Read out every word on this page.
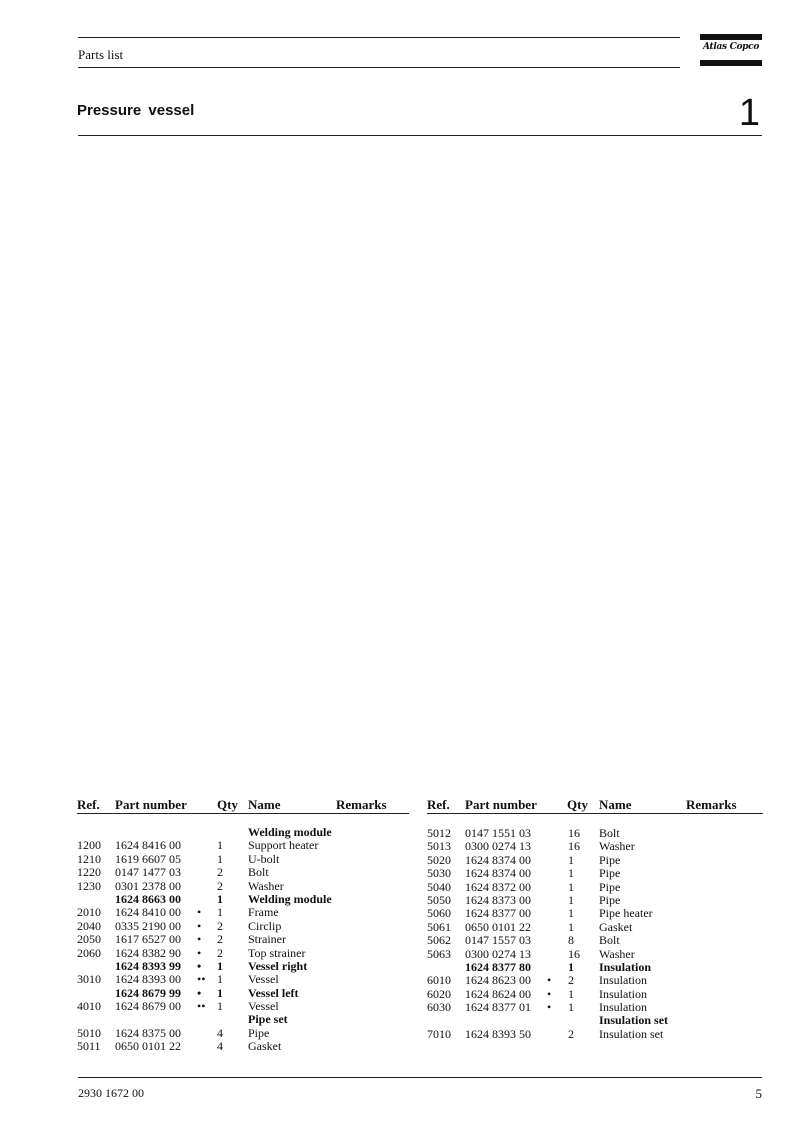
Parts list	Atlas Copco
Pressure vessel	1
Ref. Part number Qty Name	Remarks
Welding module
1200 1624 8416 00	1 Support heater
1210 1619 6607 05	1 U-bolt
1220 0147 1477 03	2 Bolt
1230 0301 2378 00	2 Washer
1624 8663 00	1 Welding module
2010 1624 8410 00 • 1 Frame
2040 0335 2190 00 • 2 Circlip
2050 1617 6527 00 • 2 Strainer
2060 1624 8382 90 • 2 Top strainer
1624 8393 99 • 1 Vessel right
3010 1624 8393 00 •• 1 Vessel
1624 8679 99 • 1 Vessel left
4010 1624 8679 00 •• 1 Vessel
Pipe set
5010 1624 8375 00	4 Pipe
5011 0650 0101 22	4 Gasket
Ref. Part number Qty Name	Remarks
5012 0147 1551 03	16 Bolt
5013 0300 0274 13	16 Washer
5020 1624 8374 00	1 Pipe
5030 1624 8374 00	1 Pipe
5040 1624 8372 00	1 Pipe
5050 1624 8373 00	1 Pipe
5060 1624 8377 00	1 Pipe heater
5061 0650 0101 22	1 Gasket
5062 0147 1557 03	8 Bolt
5063 0300 0274 13	16 Washer
1624 8377 80	1 Insulation
6010 1624 8623 00 • 2 Insulation
6020 1624 8624 00 • 1 Insulation
6030 1624 8377 01 • 1 Insulation
Insulation set
7010 1624 8393 50	2 Insulation set
2930 1672 00	5
